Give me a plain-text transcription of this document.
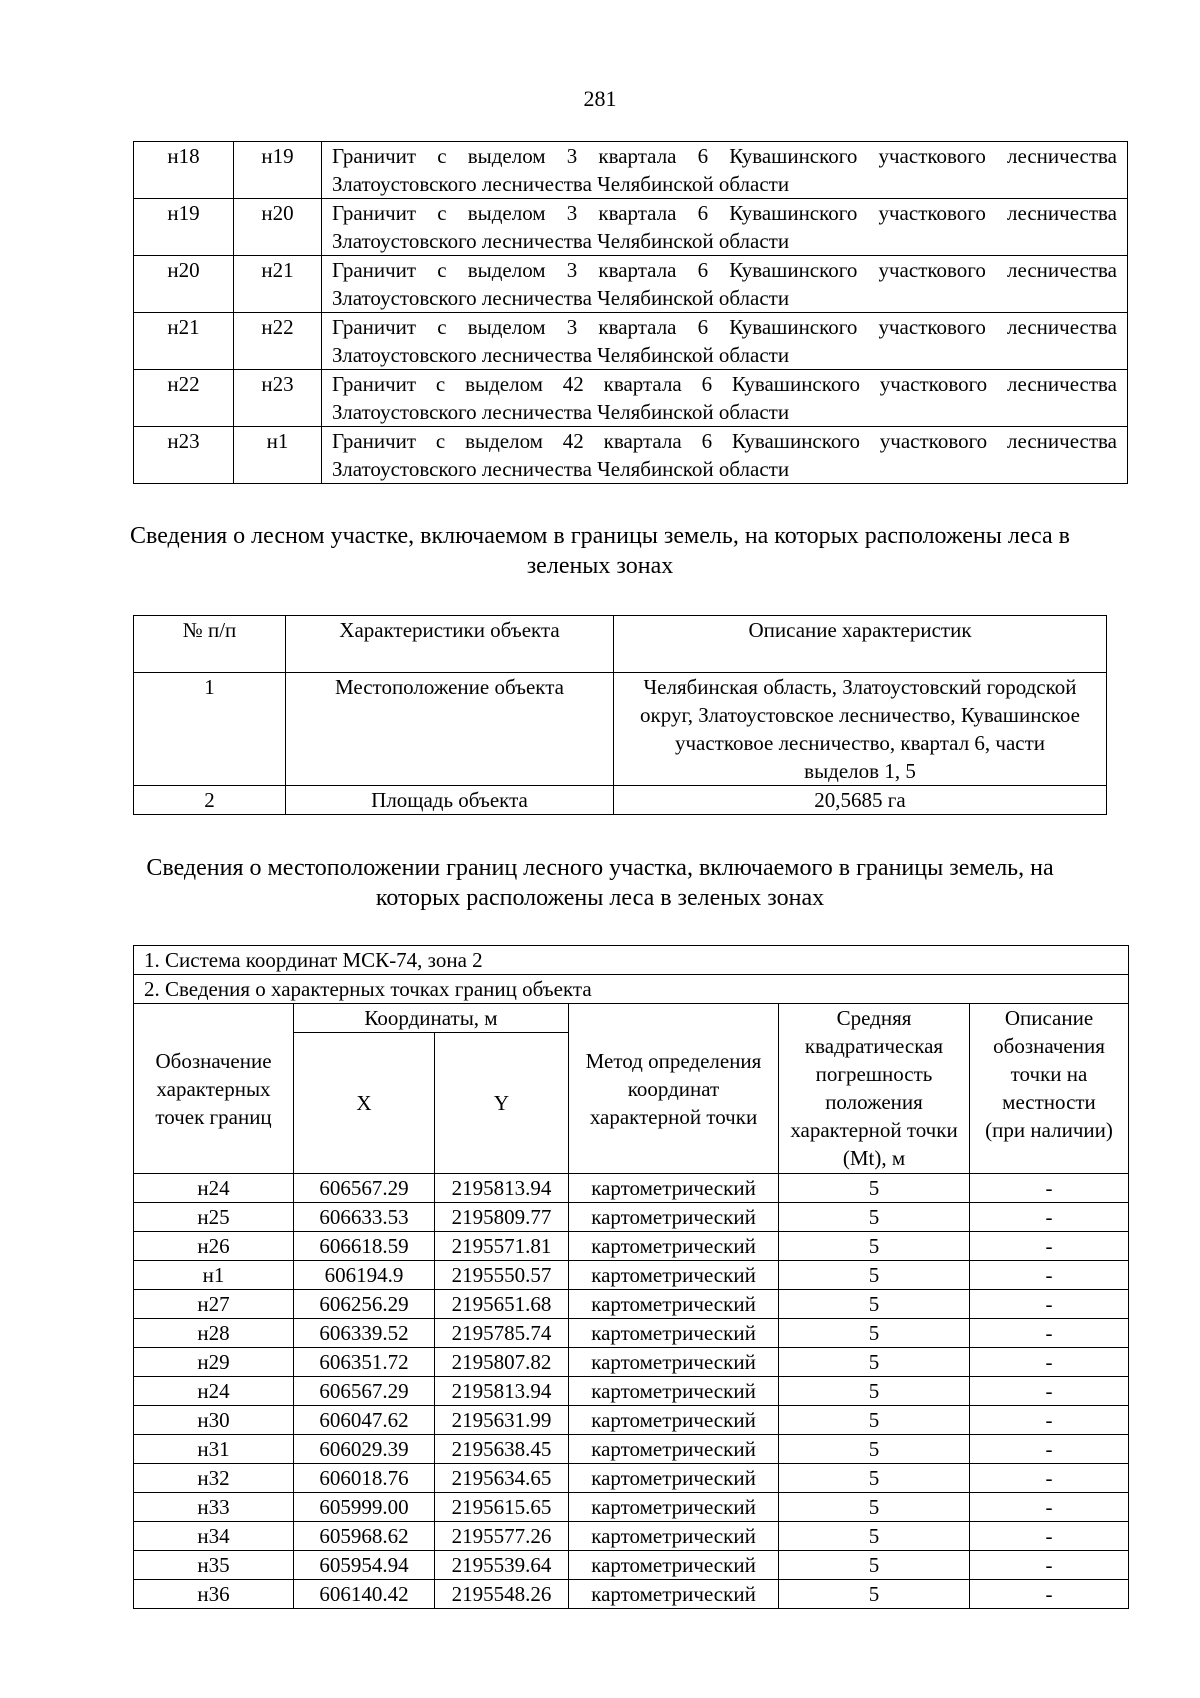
281
н18	н19	Граничит с выделом 3 квартала 6 Кувашинского участкового лесничества Златоустовского лесничества Челябинской области
н19	н20	Граничит с выделом 3 квартала 6 Кувашинского участкового лесничества Златоустовского лесничества Челябинской области
н20	н21	Граничит с выделом 3 квартала 6 Кувашинского участкового лесничества Златоустовского лесничества Челябинской области
н21	н22	Граничит с выделом 3 квартала 6 Кувашинского участкового лесничества Златоустовского лесничества Челябинской области
н22	н23	Граничит с выделом 42 квартала 6 Кувашинского участкового лесничества Златоустовского лесничества Челябинской области
н23	н1	Граничит с выделом 42 квартала 6 Кувашинского участкового лесничества Златоустовского лесничества Челябинской области
Сведения о лесном участке, включаемом в границы земель, на которых расположены леса в зеленых зонах
№ п/п	Характеристики объекта	Описание характеристик
1	Местоположение объекта	Челябинская область, Златоустовский городской округ, Златоустовское лесничество, Кувашинское участковое лесничество, квартал 6, части выделов 1, 5
2	Площадь объекта	20,5685 га
Сведения о местоположении границ лесного участка, включаемого в границы земель, на которых расположены леса в зеленых зонах
1. Система координат МСК-74, зона 2					
2. Сведения о характерных точках границ объекта					
Обозначение характерных точек границ	Координаты, м		Метод определения координат характерной точки	Средняя квадратическая погрешность положения характерной точки (Mt), м	Описание обозначения точки на местности (при наличии)
	X	Y			
н24	606567.29	2195813.94	картометрический	5	-
н25	606633.53	2195809.77	картометрический	5	-
н26	606618.59	2195571.81	картометрический	5	-
н1	606194.9	2195550.57	картометрический	5	-
н27	606256.29	2195651.68	картометрический	5	-
н28	606339.52	2195785.74	картометрический	5	-
н29	606351.72	2195807.82	картометрический	5	-
н24	606567.29	2195813.94	картометрический	5	-
н30	606047.62	2195631.99	картометрический	5	-
н31	606029.39	2195638.45	картометрический	5	-
н32	606018.76	2195634.65	картометрический	5	-
н33	605999.00	2195615.65	картометрический	5	-
н34	605968.62	2195577.26	картометрический	5	-
н35	605954.94	2195539.64	картометрический	5	-
н36	606140.42	2195548.26	картометрический	5	-
